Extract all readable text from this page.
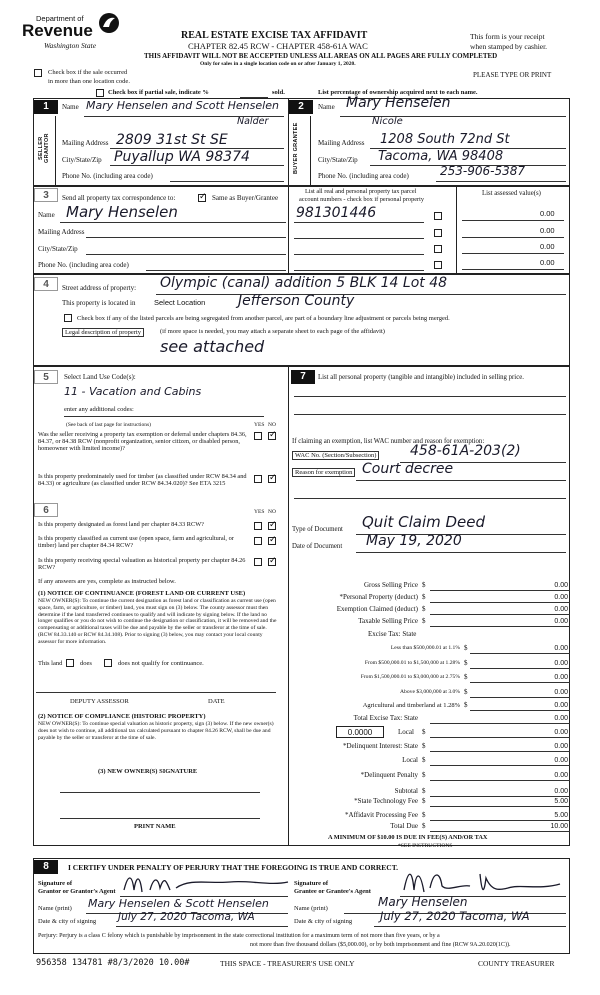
Department of
Revenue
Washington State
REAL ESTATE EXCISE TAX AFFIDAVIT
CHAPTER 82.45 RCW - CHAPTER 458-61A WAC
THIS AFFIDAVIT WILL NOT BE ACCEPTED UNLESS ALL AREAS ON ALL PAGES ARE FULLY COMPLETED
Only for sales in a single location code on or after January 1, 2020.
This form is your receipt
when stamped by cashier.
PLEASE TYPE OR PRINT
Check box if the sale occurred
in more than one location code.
Check box if partial sale, indicate %	sold.	List percentage of ownership acquired next to each name.
1
SELLER GRANTOR
Name Mary Henselen and Scott Henselen
Nalder
Mailing Address 2809 31st St SE
City/State/Zip Puyallup WA 98374
Phone No. (including area code)
2
BUYER GRANTEE
Name Mary Henselen
Nicole
Mailing Address 1208 South 72nd St
City/State/Zip Tacoma, WA 98408
Phone No. (including area code)	253-906-5387
3	Send all property tax correspondence to:
✓	Same as Buyer/Grantee
List all real and personal property tax parcel
account numbers - check box if personal property
List assessed value(s)
Name Mary Henselen
Mailing Address
City/State/Zip
Phone No. (including area code)
981301446	0.00
0.00
0.00
0.00
4	Street address of property: Olympic (canal) addition 5 BLK 14 Lot 48
This property is located in Select Location Jefferson County
Check box if any of the listed parcels are being segregated from another parcel, are part of a boundary line adjustment or parcels being merged.
Legal description of property	(if more space is needed, you may attach a separate sheet to each page of the affidavit)
see attached
5	Select Land Use Code(s):
11 - Vacation and Cabins
enter any additional codes:
(See back of last page for instructions)	YES NO
Was the seller receiving a property tax exemption or deferral under chapters 84.36, 84.37, or 84.38 RCW (nonprofit organization, senior citizen, or disabled person, homeowner with limited income)?
✓
Is this property predominately used for timber (as classified under RCW 84.34 and 84.33) or agriculture (as classified under RCW 84.34.020)? See ETA 3215
✓
YES NO
6
Is this property designated as forest land per chapter 84.33 RCW?
✓
Is this property classified as current use (open space, farm and agricultural, or timber) land per chapter 84.34 RCW?
✓
Is this property receiving special valuation as historical property per chapter 84.26 RCW?
✓
If any answers are yes, complete as instructed below.
(1) NOTICE OF CONTINUANCE (FOREST LAND OR CURRENT USE)
NEW OWNER(S): To continue the current designation as forest land or classification as current use (open space, farm, or agriculture, or timber) land, you must sign on (3) below. The county assessor must then determine if the land transferred continues to qualify and will indicate by signing below. If the land no longer qualifies or you do not wish to continue the designation or classification, it will be removed and the compensating or additional taxes will be due and payable by the seller or transferor at the time of sale. (RCW 84.33.140 or RCW 84.34.108). Prior to signing (3) below, you may contact your local county assessor for more information.
This land	does	does not qualify for continuance.
DEPUTY ASSESSOR	DATE
(2) NOTICE OF COMPLIANCE (HISTORIC PROPERTY)
NEW OWNER(S): To continue special valuation as historic property, sign (3) below. If the new owner(s) does not wish to continue, all additional tax calculated pursuant to chapter 84.26 RCW, shall be due and payable by the seller or transferor at the time of sale.
(3) NEW OWNER(S) SIGNATURE
PRINT NAME
7	List all personal property (tangible and intangible) included in selling price.
If claiming an exemption, list WAC number and reason for exemption:
WAC No. (Section/Subsection) 458-61A-203(2)
Reason for exemption Court decree
Type of Document Quit Claim Deed
Date of Document May 19, 2020
Gross Selling Price $	0.00
*Personal Property (deduct) $	0.00
Exemption Claimed (deduct) $	0.00
Taxable Selling Price $	0.00
Excise Tax: State
Less than $500,000.01 at 1.1% $	0.00
From $500,000.01 to $1,500,000 at 1.28% $	0.00
From $1,500,000.01 to $3,000,000 at 2.75% $	0.00
Above $3,000,000 at 3.0% $	0.00
Agricultural and timberland at 1.28% $	0.00
Total Excise Tax: State	0.00
0.0000	Local $	0.00
*Delinquent Interest: State $	0.00
Local $	0.00
*Delinquent Penalty $	0.00
Subtotal $	0.00
*State Technology Fee $	5.00
*Affidavit Processing Fee $	5.00
Total Due $	10.00
A MINIMUM OF $10.00 IS DUE IN FEE(S) AND/OR TAX
*SEE INSTRUCTIONS
8	I CERTIFY UNDER PENALTY OF PERJURY THAT THE FOREGOING IS TRUE AND CORRECT.
Signature of
Grantor or Grantor's Agent
Name (print) Mary Henselen & Scott Henselen
Date & city of signing July 27, 2020 Tacoma, WA
Signature of
Grantee or Grantee's Agent
Name (print)	Mary Henselen
Date & city of signing July 27, 2020 Tacoma, WA
Perjury: Perjury is a class C felony which is punishable by imprisonment in the state correctional institution for a maximum term of not more than five years, or by a
not more than five thousand dollars ($5,000.00), or by both imprisonment and fine (RCW 9A.20.020(1C)).
956358 134781 #8/3/2020 10.00#	THIS SPACE - TREASURER'S USE ONLY	COUNTY TREASURER
